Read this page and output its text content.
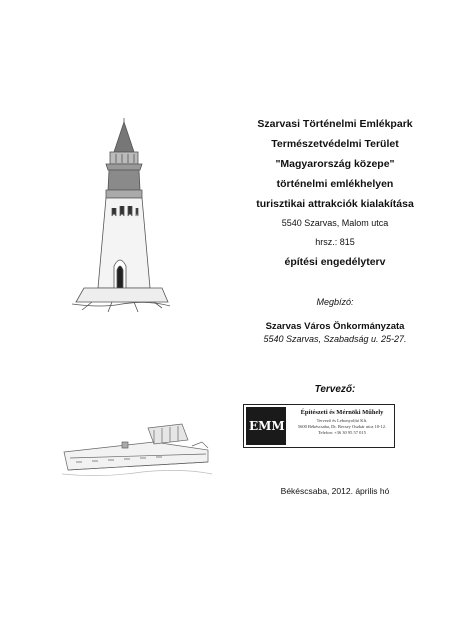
Szarvasi Történelmi Emlékpark
Természetvédelmi Terület
"Magyarország közepe"
történelmi emlékhelyen
turisztikai attrakciók kialakítása
5540 Szarvas, Malom utca
hrsz.: 815
építési engedélyterv
Megbízó:
Szarvas Város Önkormányzata
5540 Szarvas, Szabadság u. 25-27.
Tervező:
EMM
Építészeti és Mérnöki Műhely
Tervező és Lebonyolító Kft.
5600 Békéscsaba, Dr. Becsey Oszkár utca 10-12.
Telefon: +36 30 95 57 015
Békéscsaba, 2012. április hó
